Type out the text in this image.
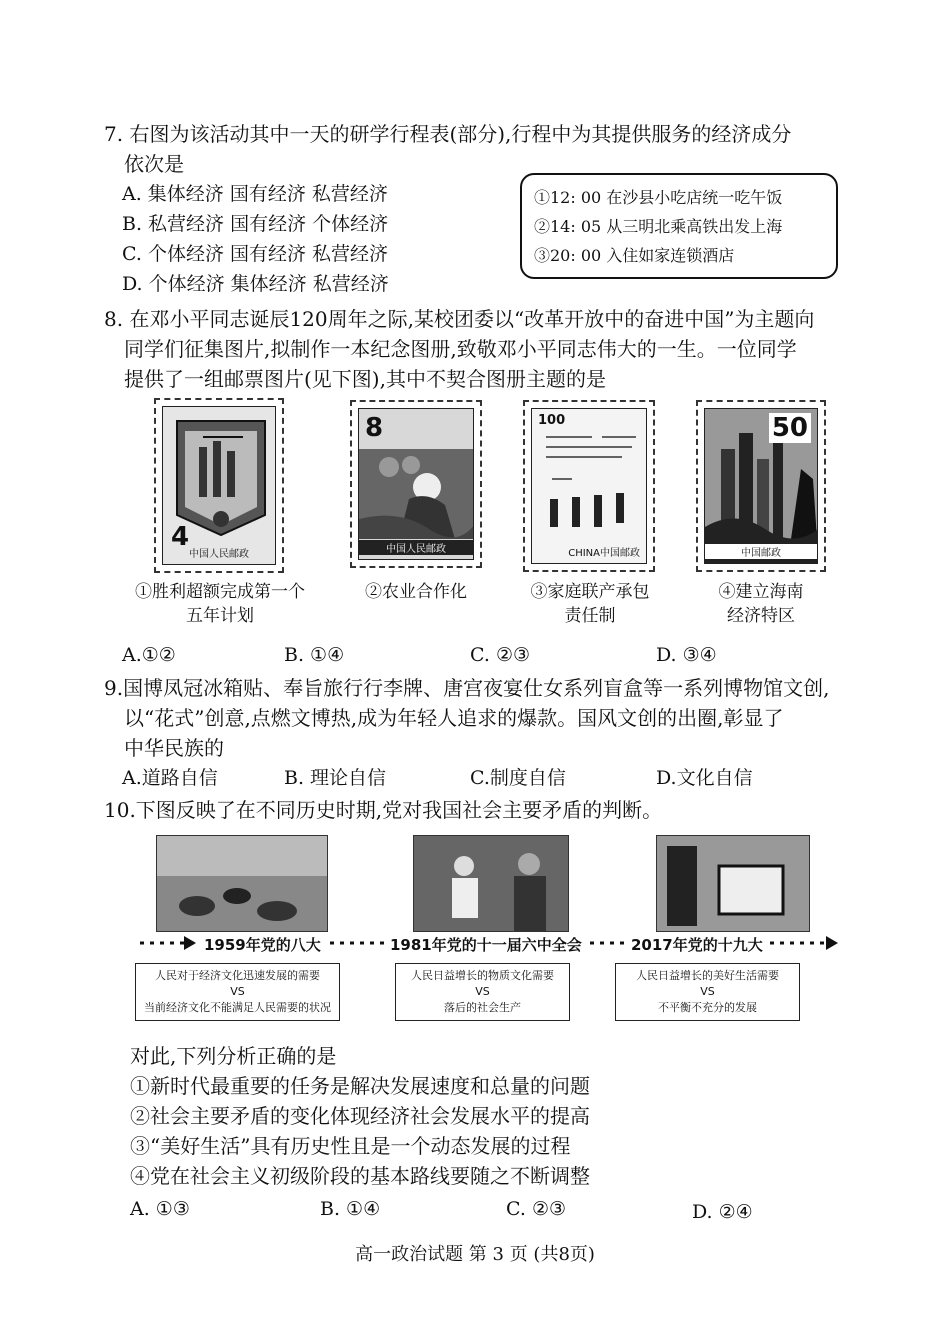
7. 右图为该活动其中一天的研学行程表(部分),行程中为其提供服务的经济成分
依次是
A. 集体经济 国有经济 私营经济
B. 私营经济 国有经济 个体经济
C. 个体经济 国有经济 私营经济
D. 个体经济 集体经济 私营经济
①12: 00 在沙县小吃店统一吃午饭
②14: 05 从三明北乘高铁出发上海
③20: 00 入住如家连锁酒店
8. 在邓小平同志诞辰120周年之际,某校团委以“改革开放中的奋进中国”为主题向
同学们征集图片,拟制作一本纪念图册,致敬邓小平同志伟大的一生。一位同学
提供了一组邮票图片(见下图),其中不契合图册主题的是
4
中国人民邮政
8
中国人民邮政
100
CHINA中国邮政
50
中国邮政
①胜利超额完成第一个
五年计划
②农业合作化	③家庭联产承包
责任制
④建立海南
经济特区
A.①②	B. ①④	C. ②③	D. ③④
9.国博凤冠冰箱贴、奉旨旅行行李牌、唐宫夜宴仕女系列盲盒等一系列博物馆文创,
以“花式”创意,点燃文博热,成为年轻人追求的爆款。国风文创的出圈,彰显了
中华民族的
A.道路自信	B. 理论自信	C.制度自信	D.文化自信
10.下图反映了在不同历史时期,党对我国社会主要矛盾的判断。
1959年党的八大	1981年党的十一届六中全会	2017年党的十九大
人民对于经济文化迅速发展的需要
VS
当前经济文化不能满足人民需要的状况
人民日益增长的物质文化需要
VS
落后的社会生产
人民日益增长的美好生活需要
VS
不平衡不充分的发展
对此,下列分析正确的是
①新时代最重要的任务是解决发展速度和总量的问题
②社会主要矛盾的变化体现经济社会发展水平的提高
③“美好生活”具有历史性且是一个动态发展的过程
④党在社会主义初级阶段的基本路线要随之不断调整
A. ①③	B. ①④	C. ②③	D. ②④
高一政治试题 第 3 页 (共8页)
